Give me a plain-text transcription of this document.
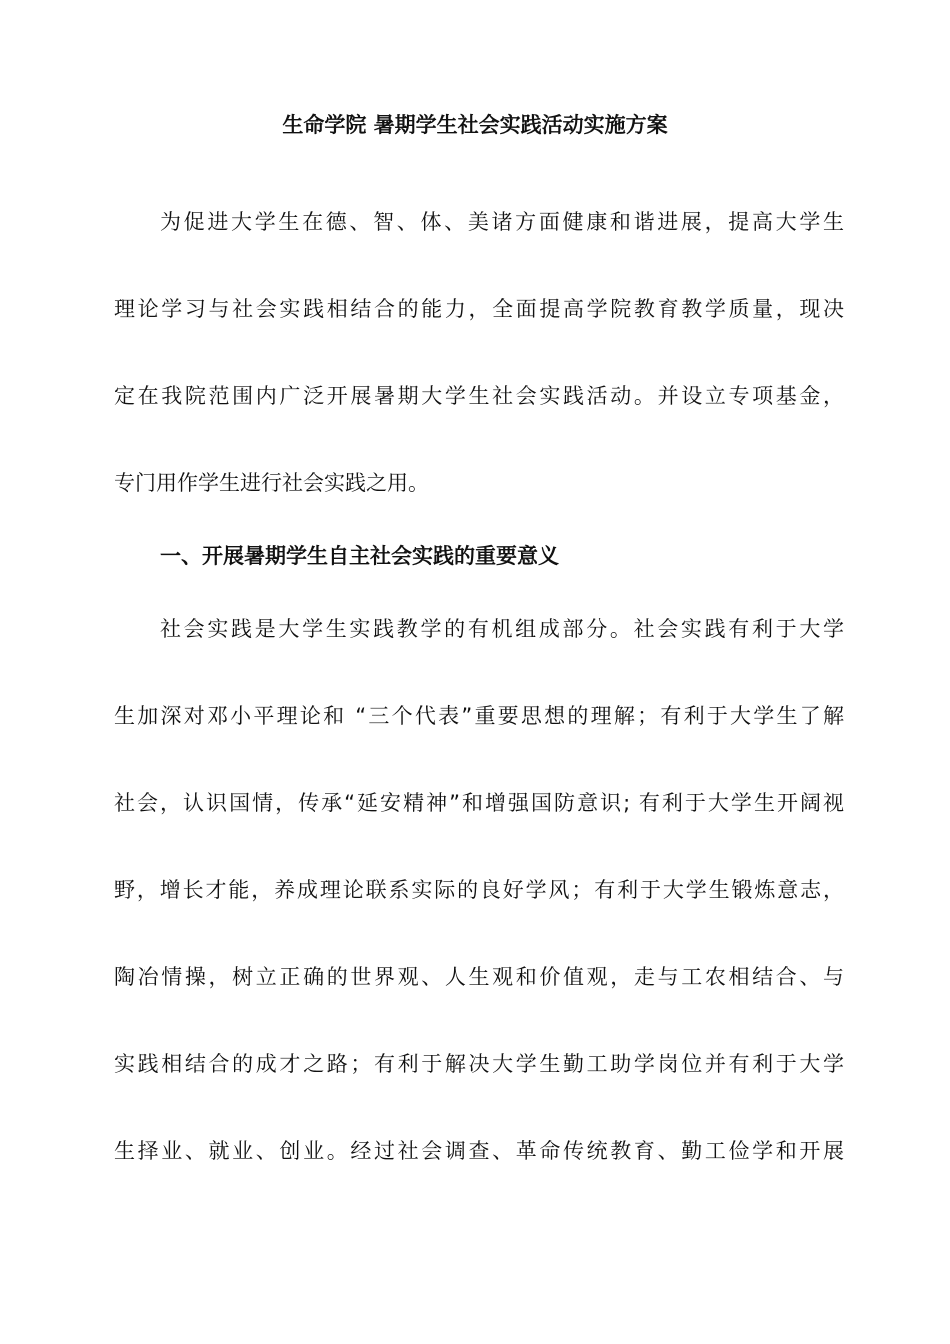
生命学院 暑期学生社会实践活动实施方案
为促进大学生在德、智、体、美诸方面健康和谐进展，提高大学生
理论学习与社会实践相结合的能力，全面提高学院教育教学质量，现决
定在我院范围内广泛开展暑期大学生社会实践活动。并设立专项基金，
专门用作学生进行社会实践之用。
一、开展暑期学生自主社会实践的重要意义
社会实践是大学生实践教学的有机组成部分。社会实践有利于大学
生加深对邓小平理论和 “三个代表”重要思想的理解；有利于大学生了解
社会，认识国情，传承“延安精神”和增强国防意识; 有利于大学生开阔视
野，增长才能，养成理论联系实际的良好学风；有利于大学生锻炼意志，
陶冶情操，树立正确的世界观、人生观和价值观，走与工农相结合、与
实践相结合的成才之路；有利于解决大学生勤工助学岗位并有利于大学
生择业、就业、创业。经过社会调查、革命传统教育、勤工俭学和开展
